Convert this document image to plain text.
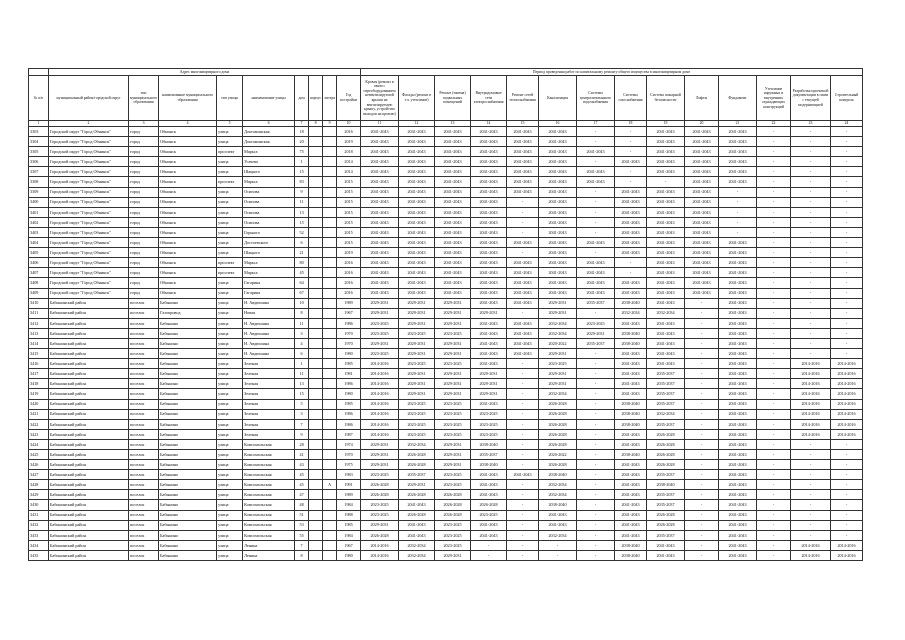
	Адрес многоквартирного дома									Период проведения работ по капитальному ремонту общего имущества в многоквартирном доме													
№ п/п	муниципальный район/городской округ	тип муниципального образования	наименование муниципального образования	тип улицы	наименование улицы	дом	корпус	литера	Год постройки	Кровля (ремонт в связи с переоборудованием невентилируемой крыши на вентилируемую крышу, устройство выходов на кровлю)	Фасады (ремонт в т.ч. утепление)	Ремонт (замена) подвальных помещений	Внутридомовые сети электроснабжения	Ремонт сетей теплоснабжения	Канализация	Системы централизованного водоснабжения	Системы газоснабжения	Система пожарной безопасности	Лифты	Фундамент	Утепление наружных и внутренних ограждающих конструкций	Разработка проектной документации в связи с текущей модернизацией	Строительный контроль
1	2	3	4	5	6	7	8	9	10	11	12	13	14	15	16	17	18	19	20	21	22	23	24
3303	Городской округ "Город Обнинск"	город	Обнинск	улица	Доктоминская	18			2016	2041-2043	2041-2043	2041-2043	2041-2043	2041-2043	2041-2043	-	-	2041-2043	2041-2043	2041-2043	-	-	-
3304	Городской округ "Город Обнинск"	город	Обнинск	улица	Доктоминская	20			2019	2041-2043	2041-2043	2041-2043	2041-2043	2041-2043	2041-2043	-	-	2041-2043	2041-2043	2041-2043	-	-	-
3305	Городской округ "Город Обнинск"	город	Обнинск	проспект	Маркса	75			2018	2041-2043	2041-2043	2041-2043	2041-2043	2041-2043	2041-2043	2041-2043	-	2041-2043	2041-2043	2041-2043	-	-	-
3306	Городской округ "Город Обнинск"	город	Обнинск	улица	Усачева	1			2014	2041-2043	2041-2043	2041-2043	2041-2043	2041-2043	2041-2043	-	2041-2043	2041-2043	2041-2043	2041-2043	-	-	-
3307	Городской округ "Город Обнинск"	город	Обнинск	улица	Шацкого	15			2014	2041-2043	2041-2043	2041-2043	2041-2043	2041-2043	2041-2043	2041-2043	-	2041-2043	2041-2043	2041-2043	-	-	-
3308	Городской округ "Город Обнинск"	город	Обнинск	проспект	Маркса	83			2015	2041-2043	2041-2043	2041-2043	2041-2043	2041-2043	2041-2043	2041-2043	-	-	2041-2043	2041-2043	-	-	-
3309	Городской округ "Город Обнинск"	город	Обнинск	улица	Осипова	9			2015	2041-2043	2041-2043	2041-2043	2041-2043	2041-2043	2041-2043	-	2041-2043	2041-2043	2041-2043	-	-	-	-
3400	Городской округ "Город Обнинск"	город	Обнинск	улица	Осипова	11			2015	2041-2043	2041-2043	2041-2043	2041-2043	-	2041-2043	-	2041-2043	2041-2043	2041-2043	-	-	-	-
3401	Городской округ "Город Обнинск"	город	Обнинск	улица	Осипова	13			2015	2041-2043	2041-2043	2041-2043	2041-2043	-	2041-2043	-	2041-2043	2041-2043	2041-2043	-	-	-	-
3402	Городской округ "Город Обнинск"	город	Обнинск	улица	Осипова	15			2015	2041-2043	2041-2043	2041-2043	2041-2043	-	2041-2043	-	2041-2043	2041-2043	2041-2043	-	-	-	-
3403	Городской округ "Город Обнинск"	город	Обнинск	улица	Горького	52			2015	2041-2043	2041-2043	2041-2043	2041-2043	-	2041-2043	-	2041-2043	2041-2043	2041-2043	-	-	-	-
3404	Городской округ "Город Обнинск"	город	Обнинск	улица	Достоевского	6			2015	2041-2043	2041-2043	2041-2043	2041-2043	2041-2043	2041-2043	2041-2043	2041-2043	2041-2043	2041-2043	2041-2043	-	-	-
3405	Городской округ "Город Обнинск"	город	Обнинск	улица	Шацкого	21			2019	2041-2043	2041-2043	2041-2043	2041-2043	-	2041-2043	-	2041-2043	2041-2043	2041-2043	2041-2043	-	-	-
3406	Городской округ "Город Обнинск"	город	Обнинск	проспект	Маркса	80			2016	2041-2043	2041-2043	2041-2043	2041-2043	2041-2043	2041-2043	2041-2043	-	2041-2043	2041-2043	2041-2043	-	-	-
3407	Городской округ "Город Обнинск"	город	Обнинск	проспект	Маркса	45			2016	2041-2043	2041-2043	2041-2043	2041-2043	2041-2043	2041-2043	2041-2043	-	2041-2043	2041-2043	2041-2043	-	-	-
3408	Городской округ "Город Обнинск"	город	Обнинск	улица	Гагарина	64			2016	2041-2043	2041-2043	2041-2043	2041-2043	2041-2043	2041-2043	2041-2043	2041-2043	2041-2043	2041-2043	2041-2043	-	-	-
3409	Городской округ "Город Обнинск"	город	Обнинск	улица	Гагарина	67			2016	2041-2043	2041-2043	2041-2043	2041-2043	2041-2043	2041-2043	2041-2043	2041-2043	2041-2043	2041-2043	2041-2043	-	-	-
3410	Бабынинский район	поселок	Бабынино	улица	Н. Авдюшина	10			1989	2029-2031	2029-2031	2029-2031	2041-2043	2041-2043	2029-2031	2035-2037	2038-2040	2041-2043	-	2041-2043	-	-	-
3411	Бабынинский район	поселок	Газопровод	улица	Новая	8			1967	2029-2031	2029-2031	2029-2031	2029-2031	-	2029-2031	-	2032-2034	2032-2034	-	2041-2043	-	-	-
3412	Бабынинский район	поселок	Бабынино	улица	Н. Авдюшина	11			1986	2023-2025	2029-2031	2029-2031	2041-2043	2041-2043	2032-2034	2023-2025	2041-2043	2041-2043	-	2041-2043	-	-	-
3413	Бабынинский район	поселок	Бабынино	улица	Н. Авдюшина	3			1970	2023-2025	2023-2025	2023-2025	2041-2043	2041-2043	2032-2034	2029-2031	2038-2040	2041-2043	-	2041-2043	-	-	-
3414	Бабынинский район	поселок	Бабынино	улица	Н. Авдюшина	4			1970	2029-2031	2029-2031	2029-2031	2041-2043	2041-2043	2020-2022	2035-2037	2038-2040	2041-2043	-	2041-2043	-	-	-
3415	Бабынинский район	поселок	Бабынино	улица	Н. Авдюшина	6			1980	2023-2025	2029-2031	2029-2031	2041-2043	2041-2043	2029-2031	-	2041-2043	2041-2043	-	2041-2043	-	-	-
3416	Бабынинский район	поселок	Бабынино	улица	Зеленая	1			1985	2014-2016	2023-2025	2023-2025	2041-2043	-	2023-2025	-	2041-2043	2041-2043	-	2041-2043	-	2014-2016	2014-2016
3417	Бабынинский район	поселок	Бабынино	улица	Зеленая	11			1981	2014-2016	2029-2031	2029-2031	2029-2031	-	2029-2031	-	2041-2043	2035-2037	-	2041-2043	-	2014-2016	2014-2016
3418	Бабынинский район	поселок	Бабынино	улица	Зеленая	13			1986	2014-2016	2029-2031	2029-2031	2029-2031	-	2029-2031	-	2041-2043	2035-2037	-	2041-2043	-	2014-2016	2014-2016
3419	Бабынинский район	поселок	Бабынино	улица	Зеленая	15			1980	2014-2016	2029-2031	2029-2031	2029-2031	-	2032-2034	-	2041-2043	2035-2037	-	2041-2043	-	2014-2016	2014-2016
3420	Бабынинский район	поселок	Бабынино	улица	Зеленая	5			1985	2014-2016	2023-2025	2023-2025	2041-2043	-	2026-2028	-	2038-2040	2035-2037	-	2041-2043	-	2014-2016	2014-2016
3421	Бабынинский район	поселок	Бабынино	улица	Зеленая	3			1986	2014-2016	2023-2025	2023-2025	2023-2025	-	2026-2028	-	2038-2040	2032-2034	-	2041-2043	-	2014-2016	2014-2016
3422	Бабынинский район	поселок	Бабынино	улица	Зеленая	7			1986	2014-2016	2023-2025	2023-2025	2023-2025	-	2026-2028	-	2038-2040	2035-2037	-	2041-2043	-	2014-2016	2014-2016
3423	Бабынинский район	поселок	Бабынино	улица	Зеленая	9			1987	2014-2016	2023-2025	2023-2025	2023-2025	-	2026-2028	-	2041-2043	2026-2028	-	2041-2043	-	2014-2016	2014-2016
3424	Бабынинский район	поселок	Бабынино	улица	Комсомольская	28			1974	2029-2031	2032-2034	2029-2031	2038-2040	-	2026-2028	-	2041-2043	2026-2028	-	2041-2043	-	-	-
3425	Бабынинский район	поселок	Бабынино	улица	Комсомольская	41			1970	2029-2031	2026-2028	2029-2031	2035-2037	-	2020-2022	-	2038-2040	2026-2028	-	2041-2043	-	-	-
3426	Бабынинский район	поселок	Бабынино	улица	Комсомольская	43			1975	2029-2031	2026-2028	2029-2031	2038-2040	-	2026-2028	-	2041-2043	2026-2028	-	2041-2043	-	-	-
3427	Бабынинский район	поселок	Бабынино	улица	Комсомольская	45			1983	2023-2025	2035-2037	2023-2025	2041-2043	2041-2043	2038-2040	-	2041-2043	2035-2037	-	2041-2043	-	-	-
3428	Бабынинский район	поселок	Бабынино	улица	Комсомольская	45		А	1991	2026-2028	2029-2031	2023-2025	2041-2043	-	2032-2034	-	2041-2043	2038-2040	-	2041-2043	-	-	-
3429	Бабынинский район	поселок	Бабынино	улица	Комсомольская	47			1989	2026-2028	2026-2028	2026-2028	2041-2043	-	2032-2034	-	2041-2043	2035-2037	-	2041-2043	-	-	-
3430	Бабынинский район	поселок	Бабынино	улица	Комсомольская	48			1984	2023-2025	2041-2043	2026-2028	2026-2028	-	2038-2040	-	2041-2043	2035-2037	-	2041-2043	-	-	-
3431	Бабынинский район	поселок	Бабынино	улица	Комсомольская	51			1988	2023-2025	2026-2028	2026-2028	2023-2025	-	2041-2043	-	2041-2043	2026-2028	-	2041-2043	-	-	-
3432	Бабынинский район	поселок	Бабынино	улица	Комсомольская	53			1985	2029-2031	2041-2043	2023-2025	2041-2043	-	2041-2043	-	2041-2043	2026-2028	-	2041-2043	-	-	-
3433	Бабынинский район	поселок	Бабынино	улица	Комсомольская	55			1984	2026-2028	2041-2043	2023-2025	2041-2043	-	2032-2034	-	2041-2043	2035-2037	-	2041-2043	-	-	-
3434	Бабынинский район	поселок	Бабынино	улица	Ленина	7			1967	2014-2016	2032-2034	2023-2025	-	-	-	-	2038-2040	2041-2043	-	2041-2043	-	2014-2016	2014-2016
3435	Бабынинский район	поселок	Бабынино	улица	Ленина	8			1980	2014-2016	2032-2034	2029-2031	-	-	-	-	2038-2040	2041-2043	-	2041-2043	-	2014-2016	2014-2016
